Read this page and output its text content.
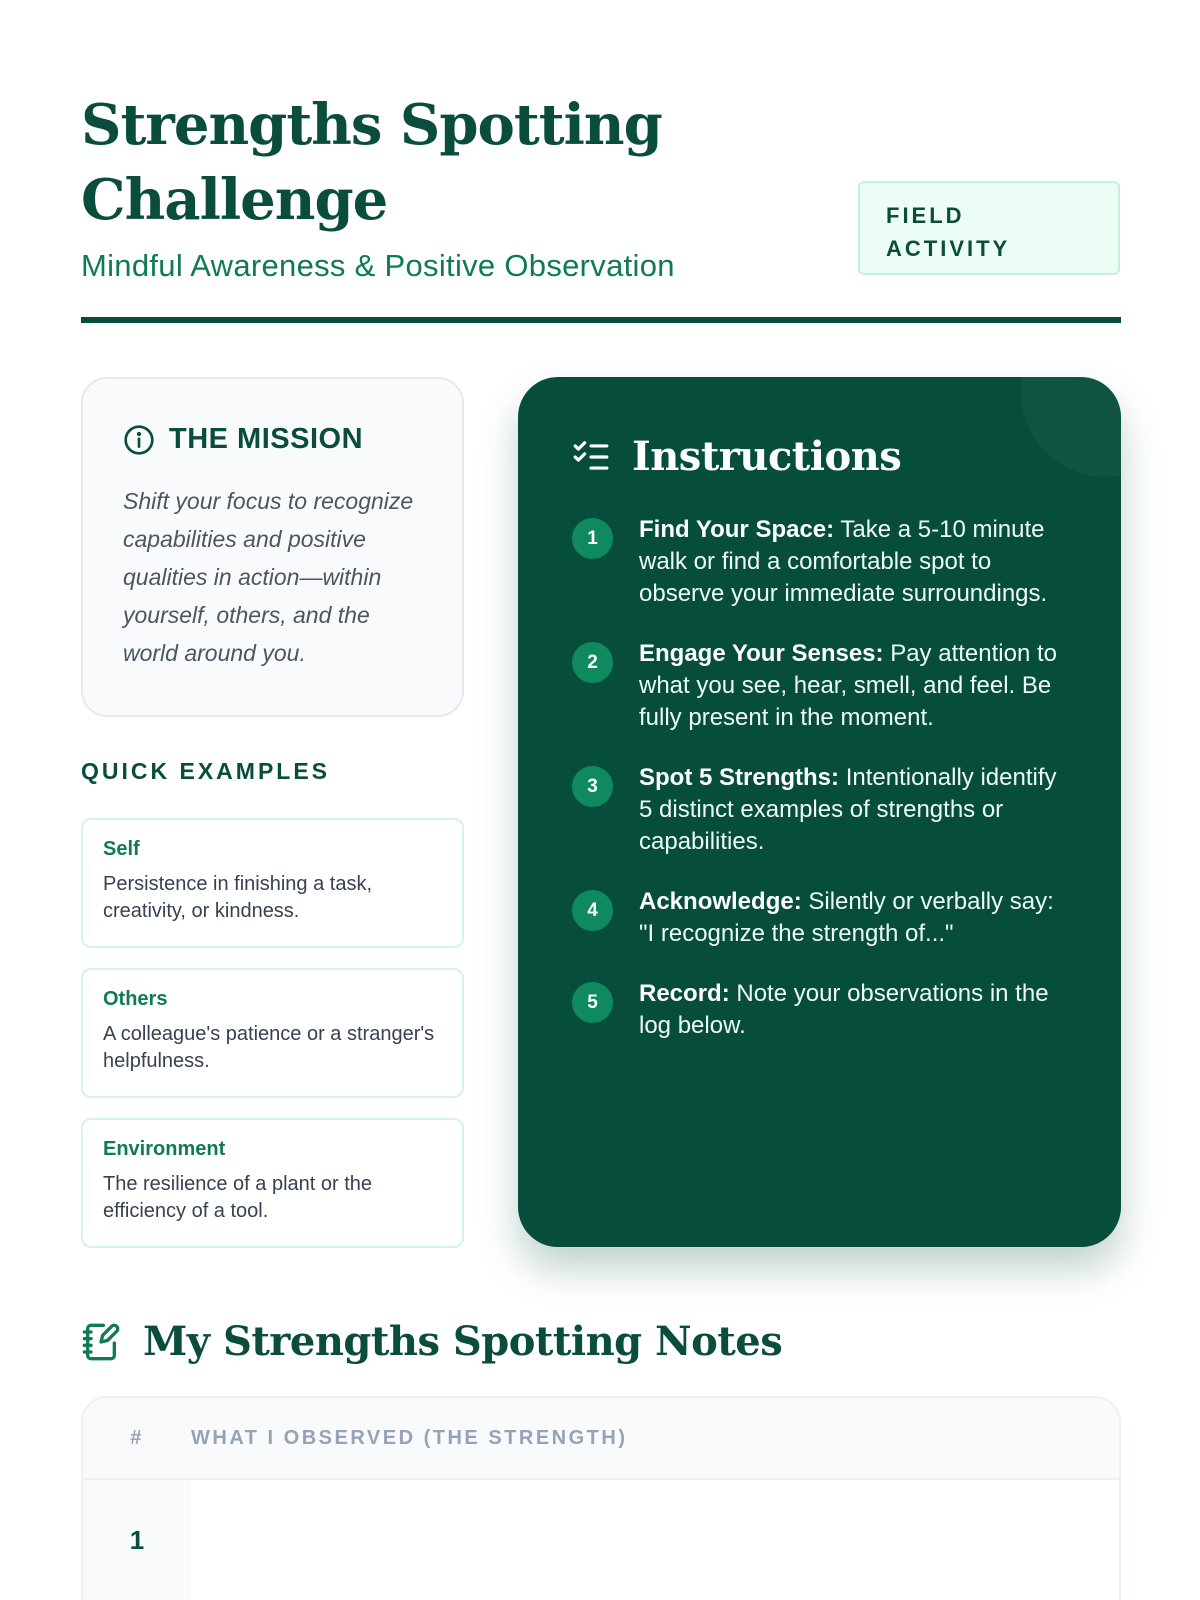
Strengths Spotting Challenge
Mindful Awareness & Positive Observation
FIELD ACTIVITY
THE MISSION

Shift your focus to recognize capabilities and positive qualities in action—within yourself, others, and the world around you.

QUICK EXAMPLES
Self
Persistence in finishing a task, creativity, or kindness.
Others
A colleague's patience or a stranger's helpfulness.
Environment
The resilience of a plant or the efficiency of a tool.
Instructions
1	Find Your Space: Take a 5-10 minute walk or find a comfortable spot to observe your immediate surroundings.
2	Engage Your Senses: Pay attention to what you see, hear, smell, and feel. Be fully present in the moment.
3	Spot 5 Strengths: Intentionally identify 5 distinct examples of strengths or capabilities.
4	Acknowledge: Silently or verbally say: "I recognize the strength of..."
5	Record: Note your observations in the log below.
My Strengths Spotting Notes
#	WHAT I OBSERVED (THE STRENGTH)
1
